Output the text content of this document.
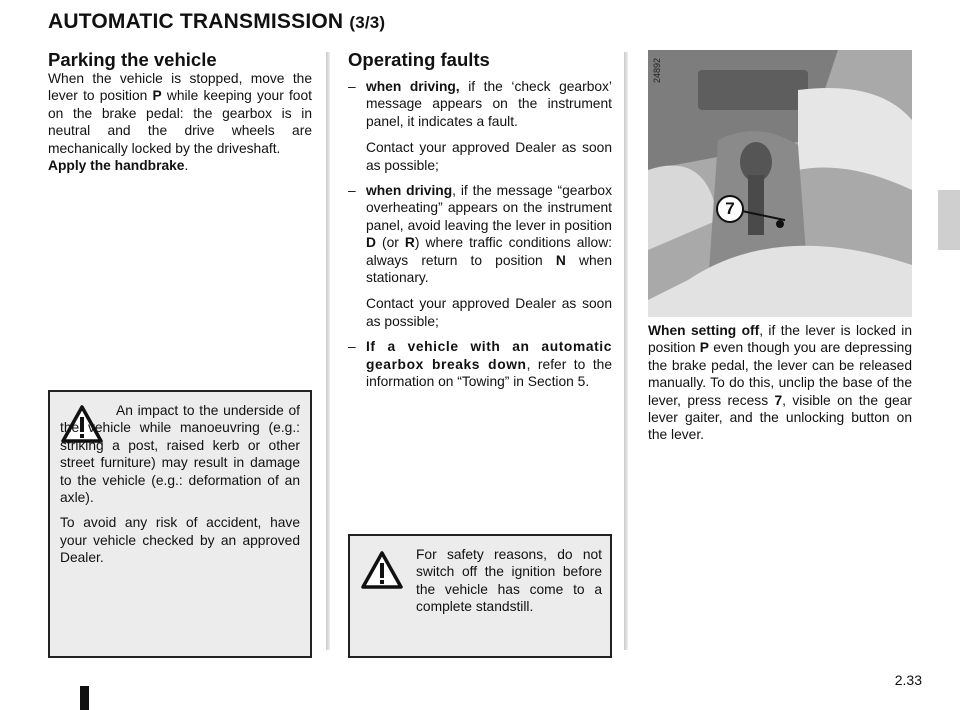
AUTOMATIC TRANSMISSION (3/3)
Parking the vehicle

When the vehicle is stopped, move the lever to position P while keeping your foot on the brake pedal: the gearbox is in neutral and the drive wheels are mechanically locked by the driveshaft.
Apply the handbrake.

An impact to the underside of the vehicle while manoeuvring (e.g.: striking a post, raised kerb or other street furniture) may result in damage to the vehicle (e.g.: deformation of an axle).

To avoid any risk of accident, have your vehicle checked by an approved Dealer.

Operating faults
– when driving, if the ‘check gearbox’ message appears on the instrument panel, it indicates a fault.
Contact your approved Dealer as soon as possible;
– when driving, if the message “gearbox overheating” appears on the instrument panel, avoid leaving the lever in position D (or R) where traffic conditions allow: always return to position N when stationary.
Contact your approved Dealer as soon as possible;
– If a vehicle with an automatic gearbox breaks down, refer to the information on “Towing” in Section 5.
For safety reasons, do not switch off the ignition before the vehicle has come to a complete standstill.
24892
7

When setting off, if the lever is locked in position P even though you are depressing the brake pedal, the lever can be released manually. To do this, unclip the base of the lever, press recess 7, visible on the gear lever gaiter, and the unlocking button on the lever.

2.33
